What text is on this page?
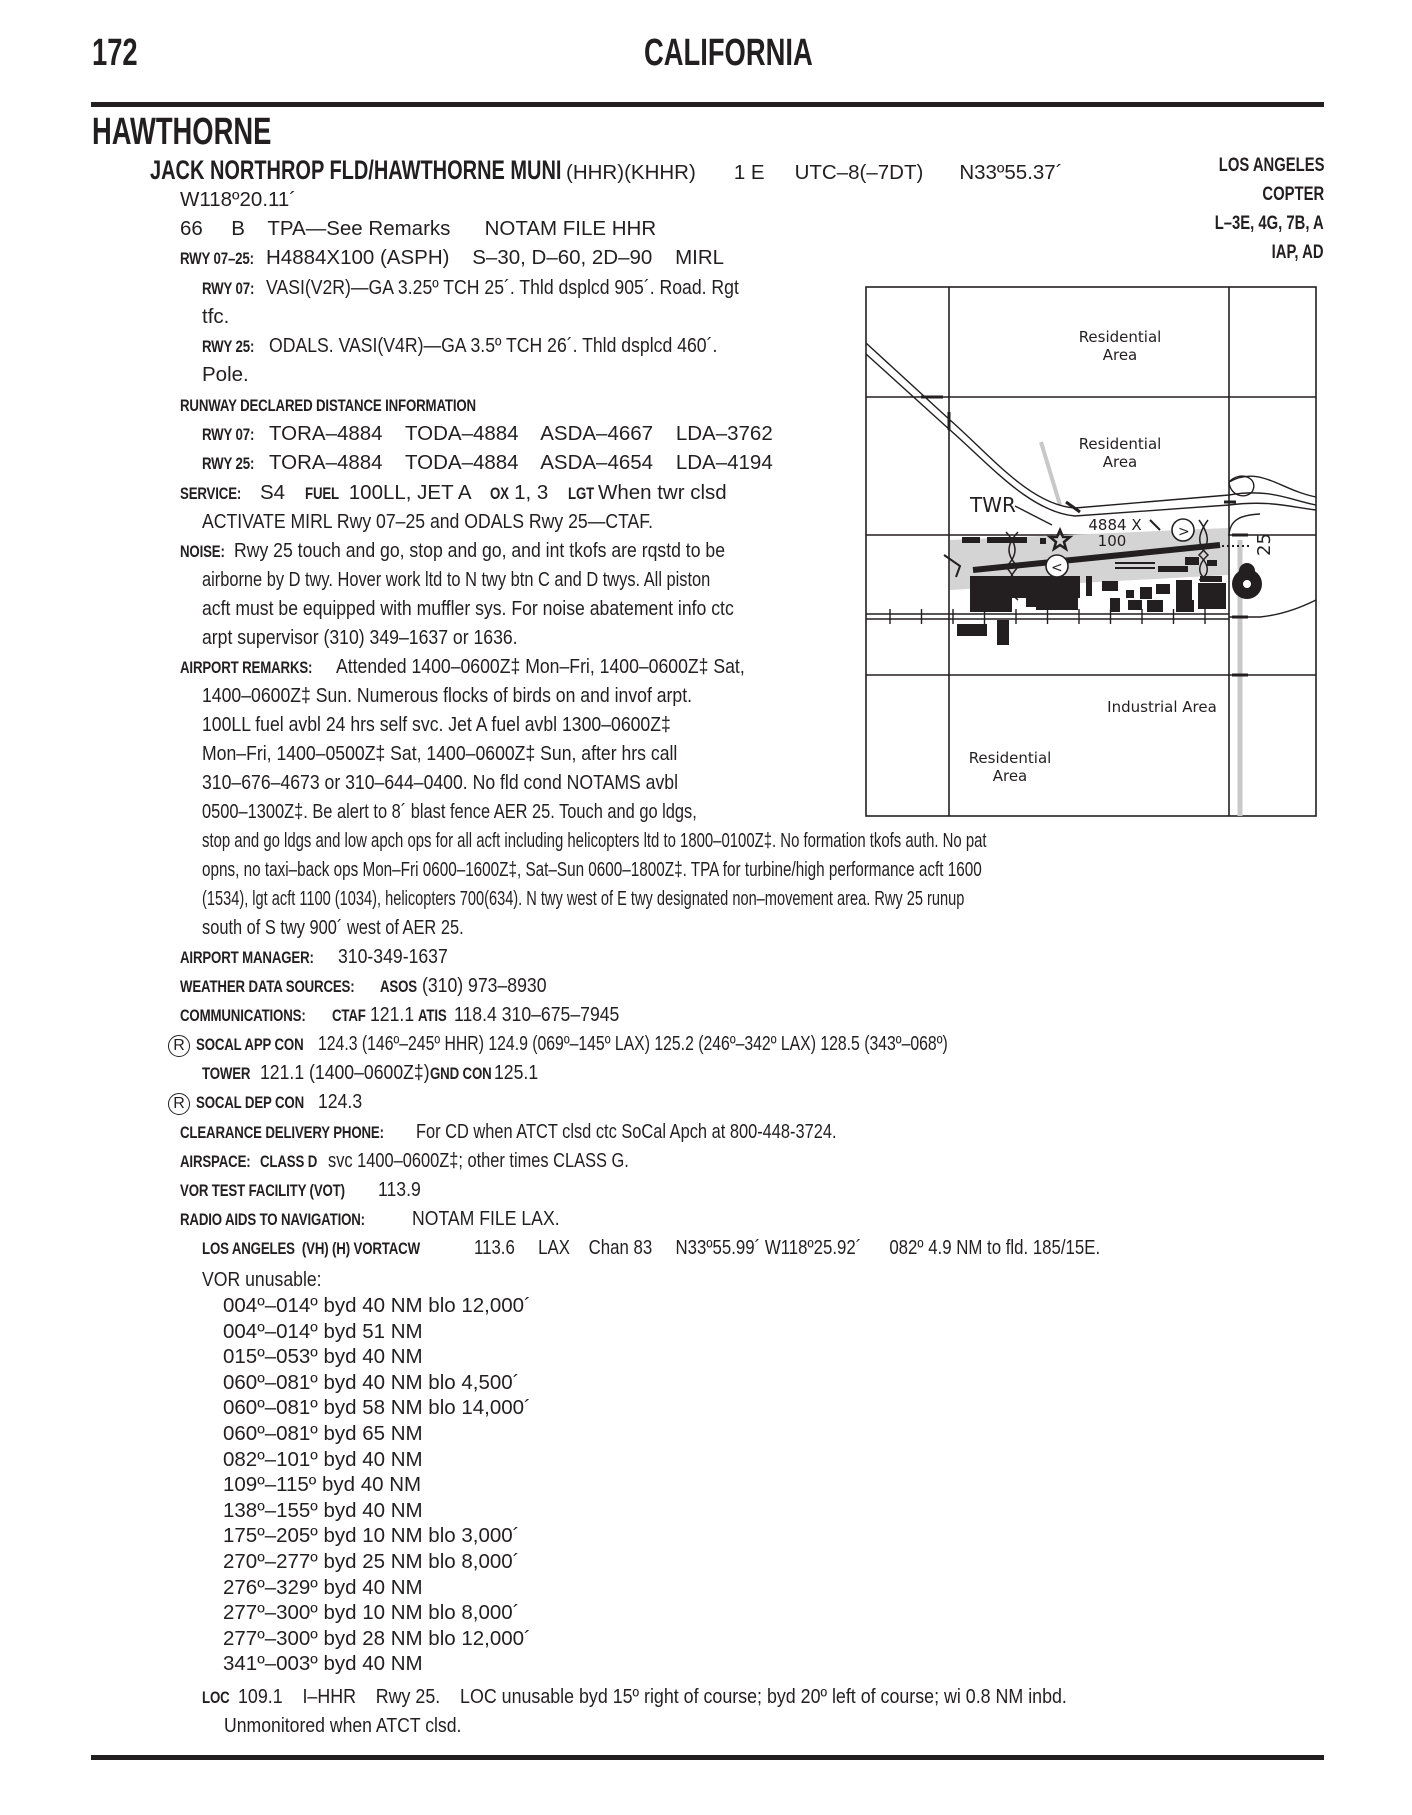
172	CALIFORNIA
HAWTHORNE
JACK NORTHROP FLD/HAWTHORNE MUNI (HHR)(KHHR) 1 E UTC–8(–7DT) N33º55.37´
W118º20.11´
66     B    TPA—See Remarks      NOTAM FILE HHR
LOS ANGELES
COPTER
L–3E, 4G, 7B, A
IAP, AD
RWY 07–25: H4884X100 (ASPH)    S–30, D–60, 2D–90    MIRL
RWY 07: VASI(V2R)—GA 3.25º TCH 25´. Thld dsplcd 905´. Road. Rgt
tfc.
RWY 25: ODALS. VASI(V4R)—GA 3.5º TCH 26´. Thld dsplcd 460´.
Pole.
RUNWAY DECLARED DISTANCE INFORMATION
RWY 07: TORA–4884    TODA–4884    ASDA–4667    LDA–3762
RWY 25: TORA–4884    TODA–4884    ASDA–4654    LDA–4194
SERVICE: S4 FUEL 100LL, JET A OX 1, 3 LGT When twr clsd
ACTIVATE MIRL Rwy 07–25 and ODALS Rwy 25—CTAF.
NOISE: Rwy 25 touch and go, stop and go, and int tkofs are rqstd to be
airborne by D twy. Hover work ltd to N twy btn C and D twys. All piston
acft must be equipped with muffler sys. For noise abatement info ctc
arpt supervisor (310) 349–1637 or 1636.
AIRPORT REMARKS: Attended 1400–0600Z‡ Mon–Fri, 1400–0600Z‡ Sat,
1400–0600Z‡ Sun. Numerous flocks of birds on and invof arpt.
100LL fuel avbl 24 hrs self svc. Jet A fuel avbl 1300–0600Z‡
Mon–Fri, 1400–0500Z‡ Sat, 1400–0600Z‡ Sun, after hrs call
310–676–4673 or 310–644–0400. No fld cond NOTAMS avbl
0500–1300Z‡. Be alert to 8´ blast fence AER 25. Touch and go ldgs,
stop and go ldgs and low apch ops for all acft including helicopters ltd to 1800–0100Z‡. No formation tkofs auth. No pat
opns, no taxi–back ops Mon–Fri 0600–1600Z‡, Sat–Sun 0600–1800Z‡. TPA for turbine/high performance acft 1600
(1534), lgt acft 1100 (1034), helicopters 700(634). N twy west of E twy designated non–movement area. Rwy 25 runup
south of S twy 900´ west of AER 25.
AIRPORT MANAGER: 310-349-1637
WEATHER DATA SOURCES: ASOS (310) 973–8930
COMMUNICATIONS: CTAF 121.1 ATIS 118.4 310–675–7945
R SOCAL APP CON 124.3 (146º–245º HHR) 124.9 (069º–145º LAX) 125.2 (246º–342º LAX) 128.5 (343º–068º)
TOWER 121.1 (1400–0600Z‡)GND CON 125.1
R SOCAL DEP CON 124.3
CLEARANCE DELIVERY PHONE: For CD when ATCT clsd ctc SoCal Apch at 800-448-3724.
AIRSPACE: CLASS D svc 1400–0600Z‡; other times CLASS G.
VOR TEST FACILITY (VOT) 113.9
RADIO AIDS TO NAVIGATION: NOTAM FILE LAX.
LOS ANGELES  (VH) (H) VORTACW	113.6     LAX    Chan 83     N33º55.99´ W118º25.92´      082º 4.9 NM to fld. 185/15E.
VOR unusable:
004º–014º byd 40 NM blo 12,000´
004º–014º byd 51 NM
015º–053º byd 40 NM
060º–081º byd 40 NM blo 4,500´
060º–081º byd 58 NM blo 14,000´
060º–081º byd 65 NM
082º–101º byd 40 NM
109º–115º byd 40 NM
138º–155º byd 40 NM
175º–205º byd 10 NM blo 3,000´
270º–277º byd 25 NM blo 8,000´
276º–329º byd 40 NM
277º–300º byd 10 NM blo 8,000´
277º–300º byd 28 NM blo 12,000´
341º–003º byd 40 NM
LOC 109.1    I–HHR    Rwy 25.    LOC unusable byd 15º right of course; byd 20º left of course; wi 0.8 NM inbd.
Unmonitored when ATCT clsd.
<
>
Residential
Area
Residential
Area
Industrial Area
Residential
Area
4884 X
100
TWR
25
